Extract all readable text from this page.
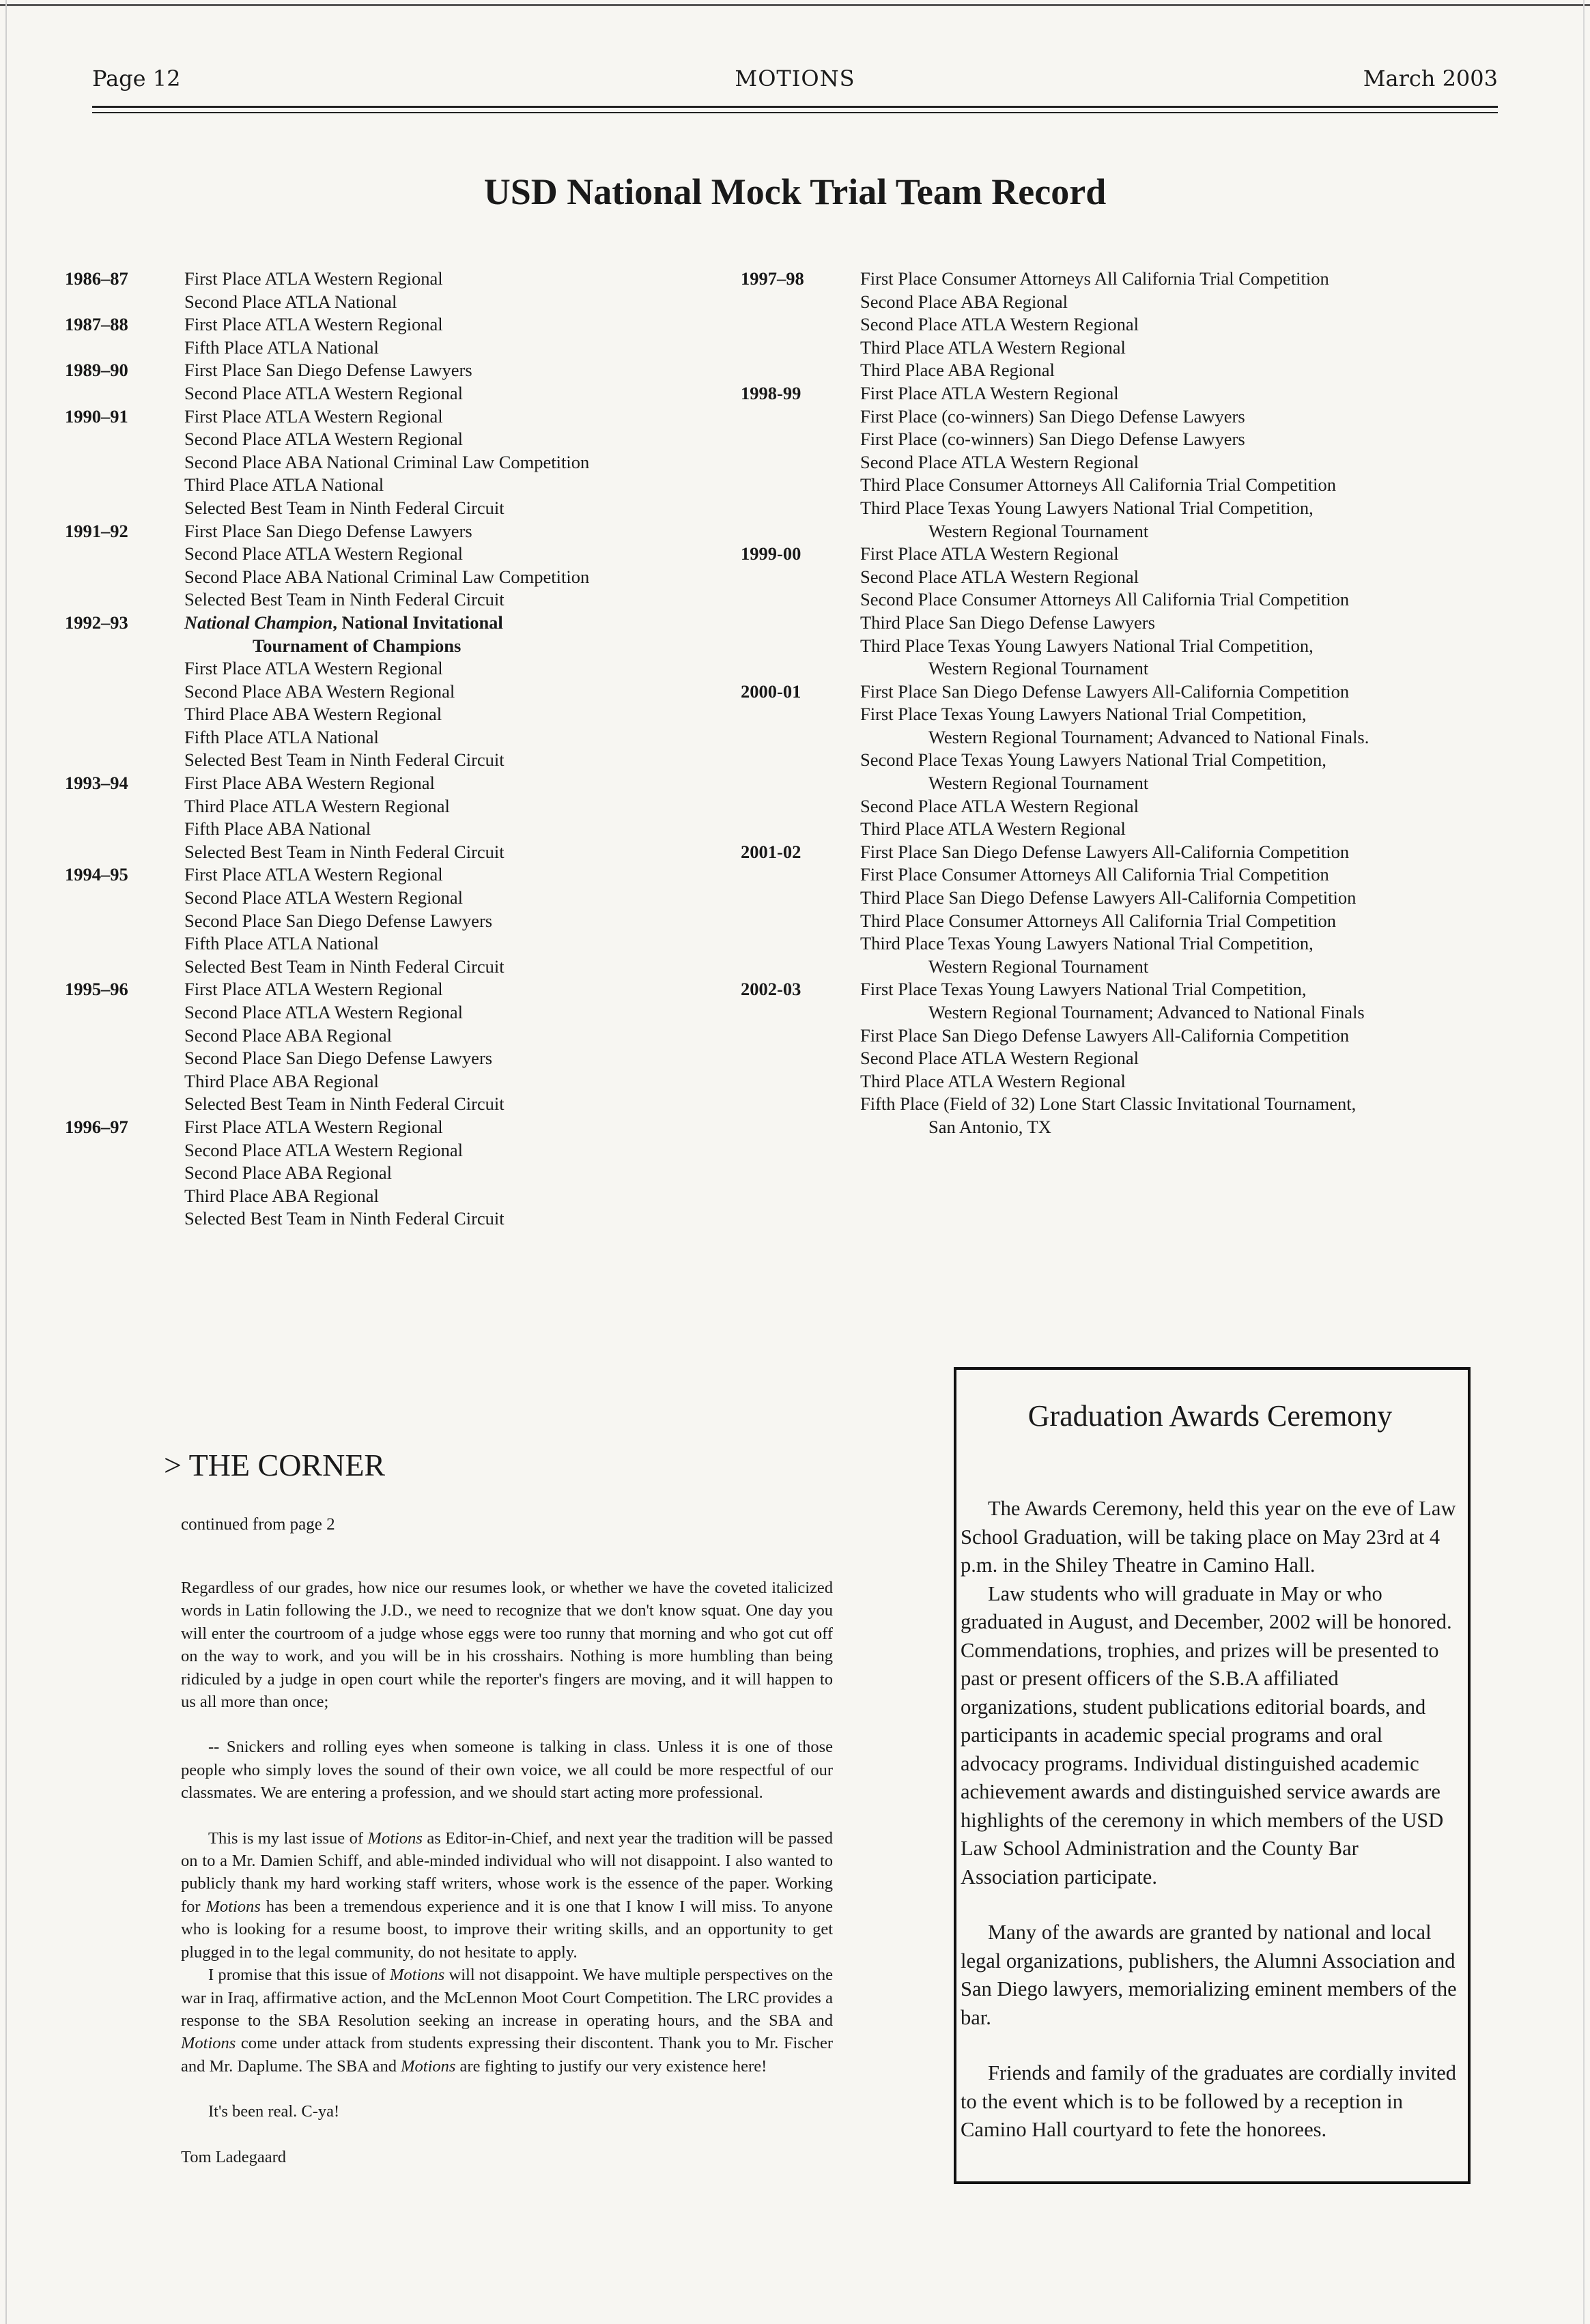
Page 12	MOTIONS	March 2003
USD National Mock Trial Team Record
1986–87	First Place ATLA Western Regional
Second Place ATLA National
1987–88	First Place ATLA Western Regional
Fifth Place ATLA National
1989–90	First Place San Diego Defense Lawyers
Second Place ATLA Western Regional
1990–91	First Place ATLA Western Regional
Second Place ATLA Western Regional
Second Place ABA National Criminal Law Competition
Third Place ATLA National
Selected Best Team in Ninth Federal Circuit
1991–92	First Place San Diego Defense Lawyers
Second Place ATLA Western Regional
Second Place ABA National Criminal Law Competition
Selected Best Team in Ninth Federal Circuit
1992–93	National Champion, National Invitational
Tournament of Champions
First Place ATLA Western Regional
Second Place ABA Western Regional
Third Place ABA Western Regional
Fifth Place ATLA National
Selected Best Team in Ninth Federal Circuit
1993–94	First Place ABA Western Regional
Third Place ATLA Western Regional
Fifth Place ABA National
Selected Best Team in Ninth Federal Circuit
1994–95	First Place ATLA Western Regional
Second Place ATLA Western Regional
Second Place San Diego Defense Lawyers
Fifth Place ATLA National
Selected Best Team in Ninth Federal Circuit
1995–96	First Place ATLA Western Regional
Second Place ATLA Western Regional
Second Place ABA Regional
Second Place San Diego Defense Lawyers
Third Place ABA Regional
Selected Best Team in Ninth Federal Circuit
1996–97	First Place ATLA Western Regional
Second Place ATLA Western Regional
Second Place ABA Regional
Third Place ABA Regional
Selected Best Team in Ninth Federal Circuit
1997–98	First Place Consumer Attorneys All California Trial Competition
Second Place ABA Regional
Second Place ATLA Western Regional
Third Place ATLA Western Regional
Third Place ABA Regional
1998-99	First Place ATLA Western Regional
First Place (co-winners) San Diego Defense Lawyers
First Place (co-winners) San Diego Defense Lawyers
Second Place ATLA Western Regional
Third Place Consumer Attorneys All California Trial Competition
Third Place Texas Young Lawyers National Trial Competition,
Western Regional Tournament
1999-00	First Place ATLA Western Regional
Second Place ATLA Western Regional
Second Place Consumer Attorneys All California Trial Competition
Third Place San Diego Defense Lawyers
Third Place Texas Young Lawyers National Trial Competition,
Western Regional Tournament
2000-01	First Place San Diego Defense Lawyers All-California Competition
First Place Texas Young Lawyers National Trial Competition,
Western Regional Tournament; Advanced to National Finals.
Second Place Texas Young Lawyers National Trial Competition,
Western Regional Tournament
Second Place ATLA Western Regional
Third Place ATLA Western Regional
2001-02	First Place San Diego Defense Lawyers All-California Competition
First Place Consumer Attorneys All California Trial Competition
Third Place San Diego Defense Lawyers All-California Competition
Third Place Consumer Attorneys All California Trial Competition
Third Place Texas Young Lawyers National Trial Competition,
Western Regional Tournament
2002-03	First Place Texas Young Lawyers National Trial Competition,
Western Regional Tournament; Advanced to National Finals
First Place San Diego Defense Lawyers All-California Competition
Second Place ATLA Western Regional
Third Place ATLA Western Regional
Fifth Place (Field of 32) Lone Start Classic Invitational Tournament,
San Antonio, TX
> THE CORNER
continued from page 2

Regardless of our grades, how nice our resumes look, or whether we have the coveted italicized words in Latin following the J.D., we need to recognize that we don't know squat. One day you will enter the courtroom of a judge whose eggs were too runny that morning and who got cut off on the way to work, and you will be in his crosshairs. Nothing is more humbling than being ridiculed by a judge in open court while the reporter's fingers are moving, and it will happen to us all more than once;

-- Snickers and rolling eyes when someone is talking in class. Unless it is one of those people who simply loves the sound of their own voice, we all could be more respectful of our classmates. We are entering a profession, and we should start acting more professional.

This is my last issue of Motions as Editor-in-Chief, and next year the tradition will be passed on to a Mr. Damien Schiff, and able-minded individual who will not disappoint. I also wanted to publicly thank my hard working staff writers, whose work is the essence of the paper. Working for Motions has been a tremendous experience and it is one that I know I will miss. To anyone who is looking for a resume boost, to improve their writing skills, and an opportunity to get plugged in to the legal community, do not hesitate to apply.

I promise that this issue of Motions will not disappoint. We have multiple perspectives on the war in Iraq, affirmative action, and the McLennon Moot Court Competition. The LRC provides a response to the SBA Resolution seeking an increase in operating hours, and the SBA and Motions come under attack from students expressing their discontent. Thank you to Mr. Fischer and Mr. Daplume. The SBA and Motions are fighting to justify our very existence here!

It's been real. C-ya!

Tom Ladegaard

Graduation Awards Ceremony

The Awards Ceremony, held this year on the eve of Law School Graduation, will be taking place on May 23rd at 4 p.m. in the Shiley Theatre in Camino Hall.

Law students who will graduate in May or who graduated in August, and December, 2002 will be honored. Commendations, trophies, and prizes will be presented to past or present officers of the S.B.A affiliated organizations, student publications editorial boards, and participants in academic special programs and oral advocacy programs. Individual distinguished academic achievement awards and distinguished service awards are highlights of the ceremony in which members of the USD Law School Administration and the County Bar Association participate.

Many of the awards are granted by national and local legal organizations, publishers, the Alumni Association and San Diego lawyers, memorializing eminent members of the bar.

Friends and family of the graduates are cordially invited to the event which is to be followed by a reception in Camino Hall courtyard to fete the honorees.
